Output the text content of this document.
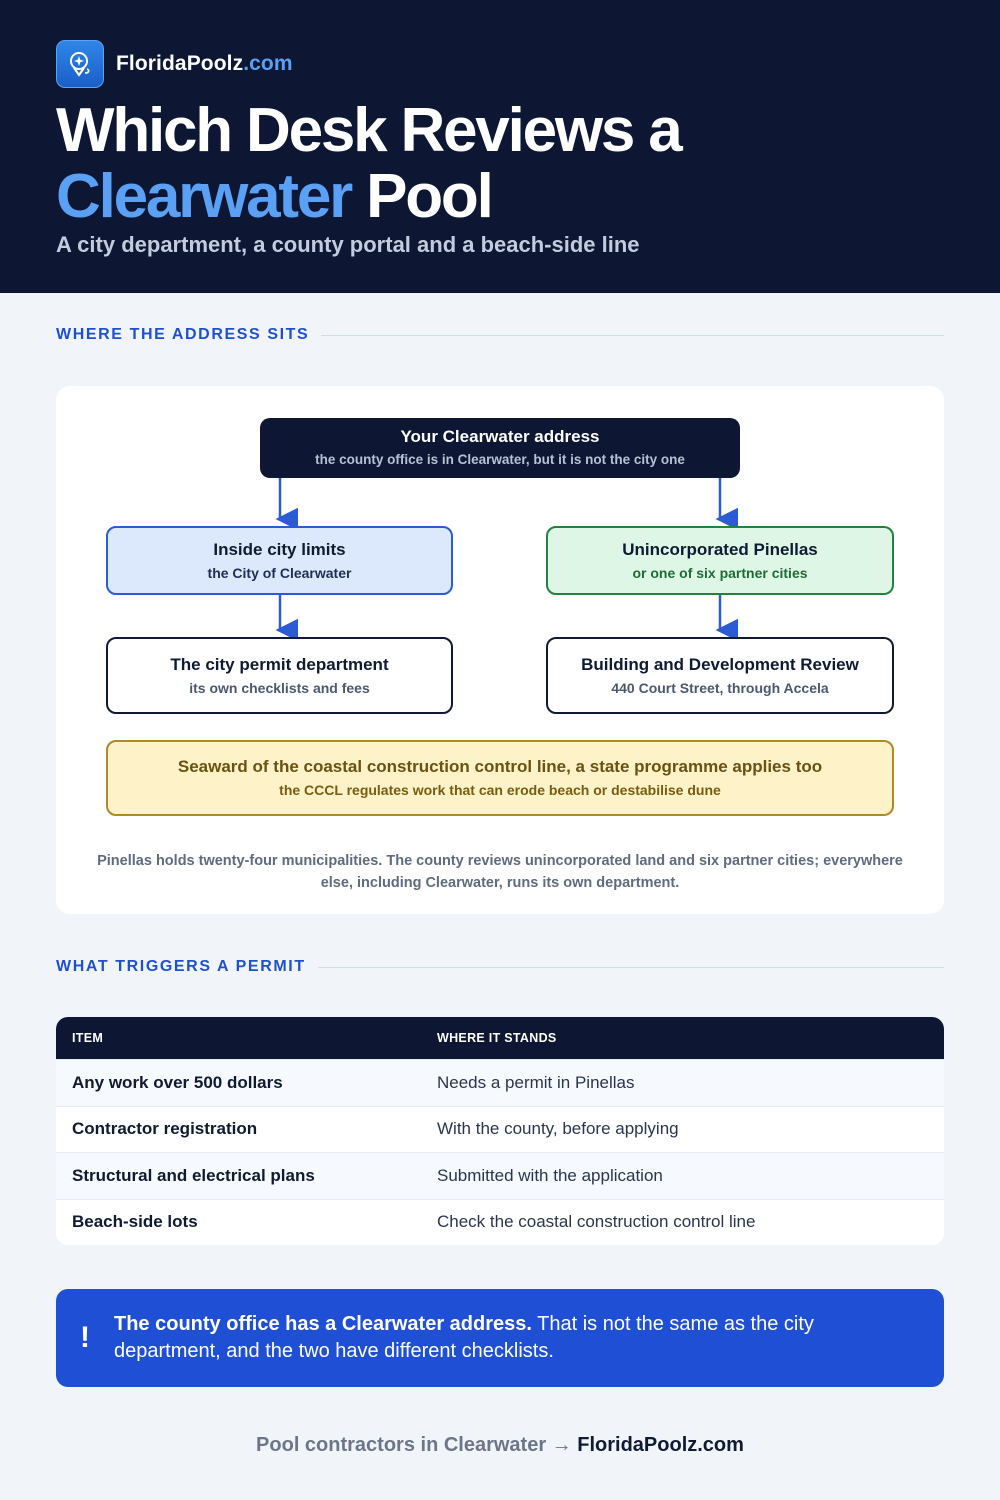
FloridaPoolz.com
Which Desk Reviews a
Clearwater Pool
A city department, a county portal and a beach-side line
WHERE THE ADDRESS SITS
Your Clearwater address
the county office is in Clearwater, but it is not the city one
Inside city limits
the City of Clearwater
Unincorporated Pinellas
or one of six partner cities
The city permit department
its own checklists and fees
Building and Development Review
440 Court Street, through Accela
Seaward of the coastal construction control line, a state programme applies too
the CCCL regulates work that can erode beach or destabilise dune
Pinellas holds twenty-four municipalities. The county reviews unincorporated land and six partner cities; everywhere else, including Clearwater, runs its own department.
WHAT TRIGGERS A PERMIT
ITEM	WHERE IT STANDS
Any work over 500 dollars	Needs a permit in Pinellas
Contractor registration	With the county, before applying
Structural and electrical plans	Submitted with the application
Beach-side lots	Check the coastal construction control line
!	The county office has a Clearwater address. That is not the same as the city department, and the two have different checklists.
Pool contractors in Clearwater → FloridaPoolz.com
